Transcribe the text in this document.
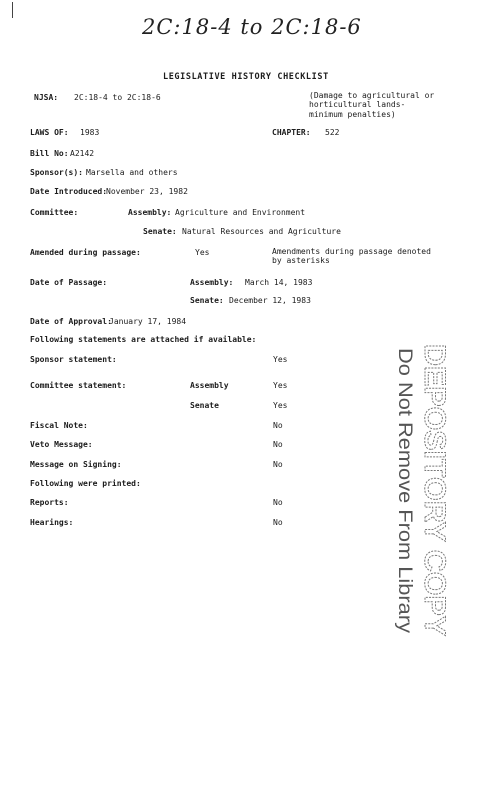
2C:18-4 to 2C:18-6
LEGISLATIVE HISTORY CHECKLIST
NJSA: 2C:18-4 to 2C:18-6	(Damage to agricultural or
horticultural lands-
minimum penalties)
LAWS OF: 1983	CHAPTER: 522
Bill No: A2142
Sponsor(s): Marsella and others
Date Introduced:
November 23, 1982
Committee:	Assembly: Agriculture and Environment
Senate: Natural Resources and Agriculture
Amended during passage:	Yes	Amendments during passage denoted
by asterisks
Date of Passage:	Assembly: March 14, 1983
Senate: December 12, 1983
Date of Approval:
January 17, 1984
Following statements are attached if available:
Sponsor statement:	Yes
Committee statement:	Assembly	Yes
Senate	Yes
Fiscal Note:	No
Veto Message:	No
Message on Signing:	No
Following were printed:
Reports:	No
Hearings:	No	DEPOSITORY COPY
Do Not Remove From Library
